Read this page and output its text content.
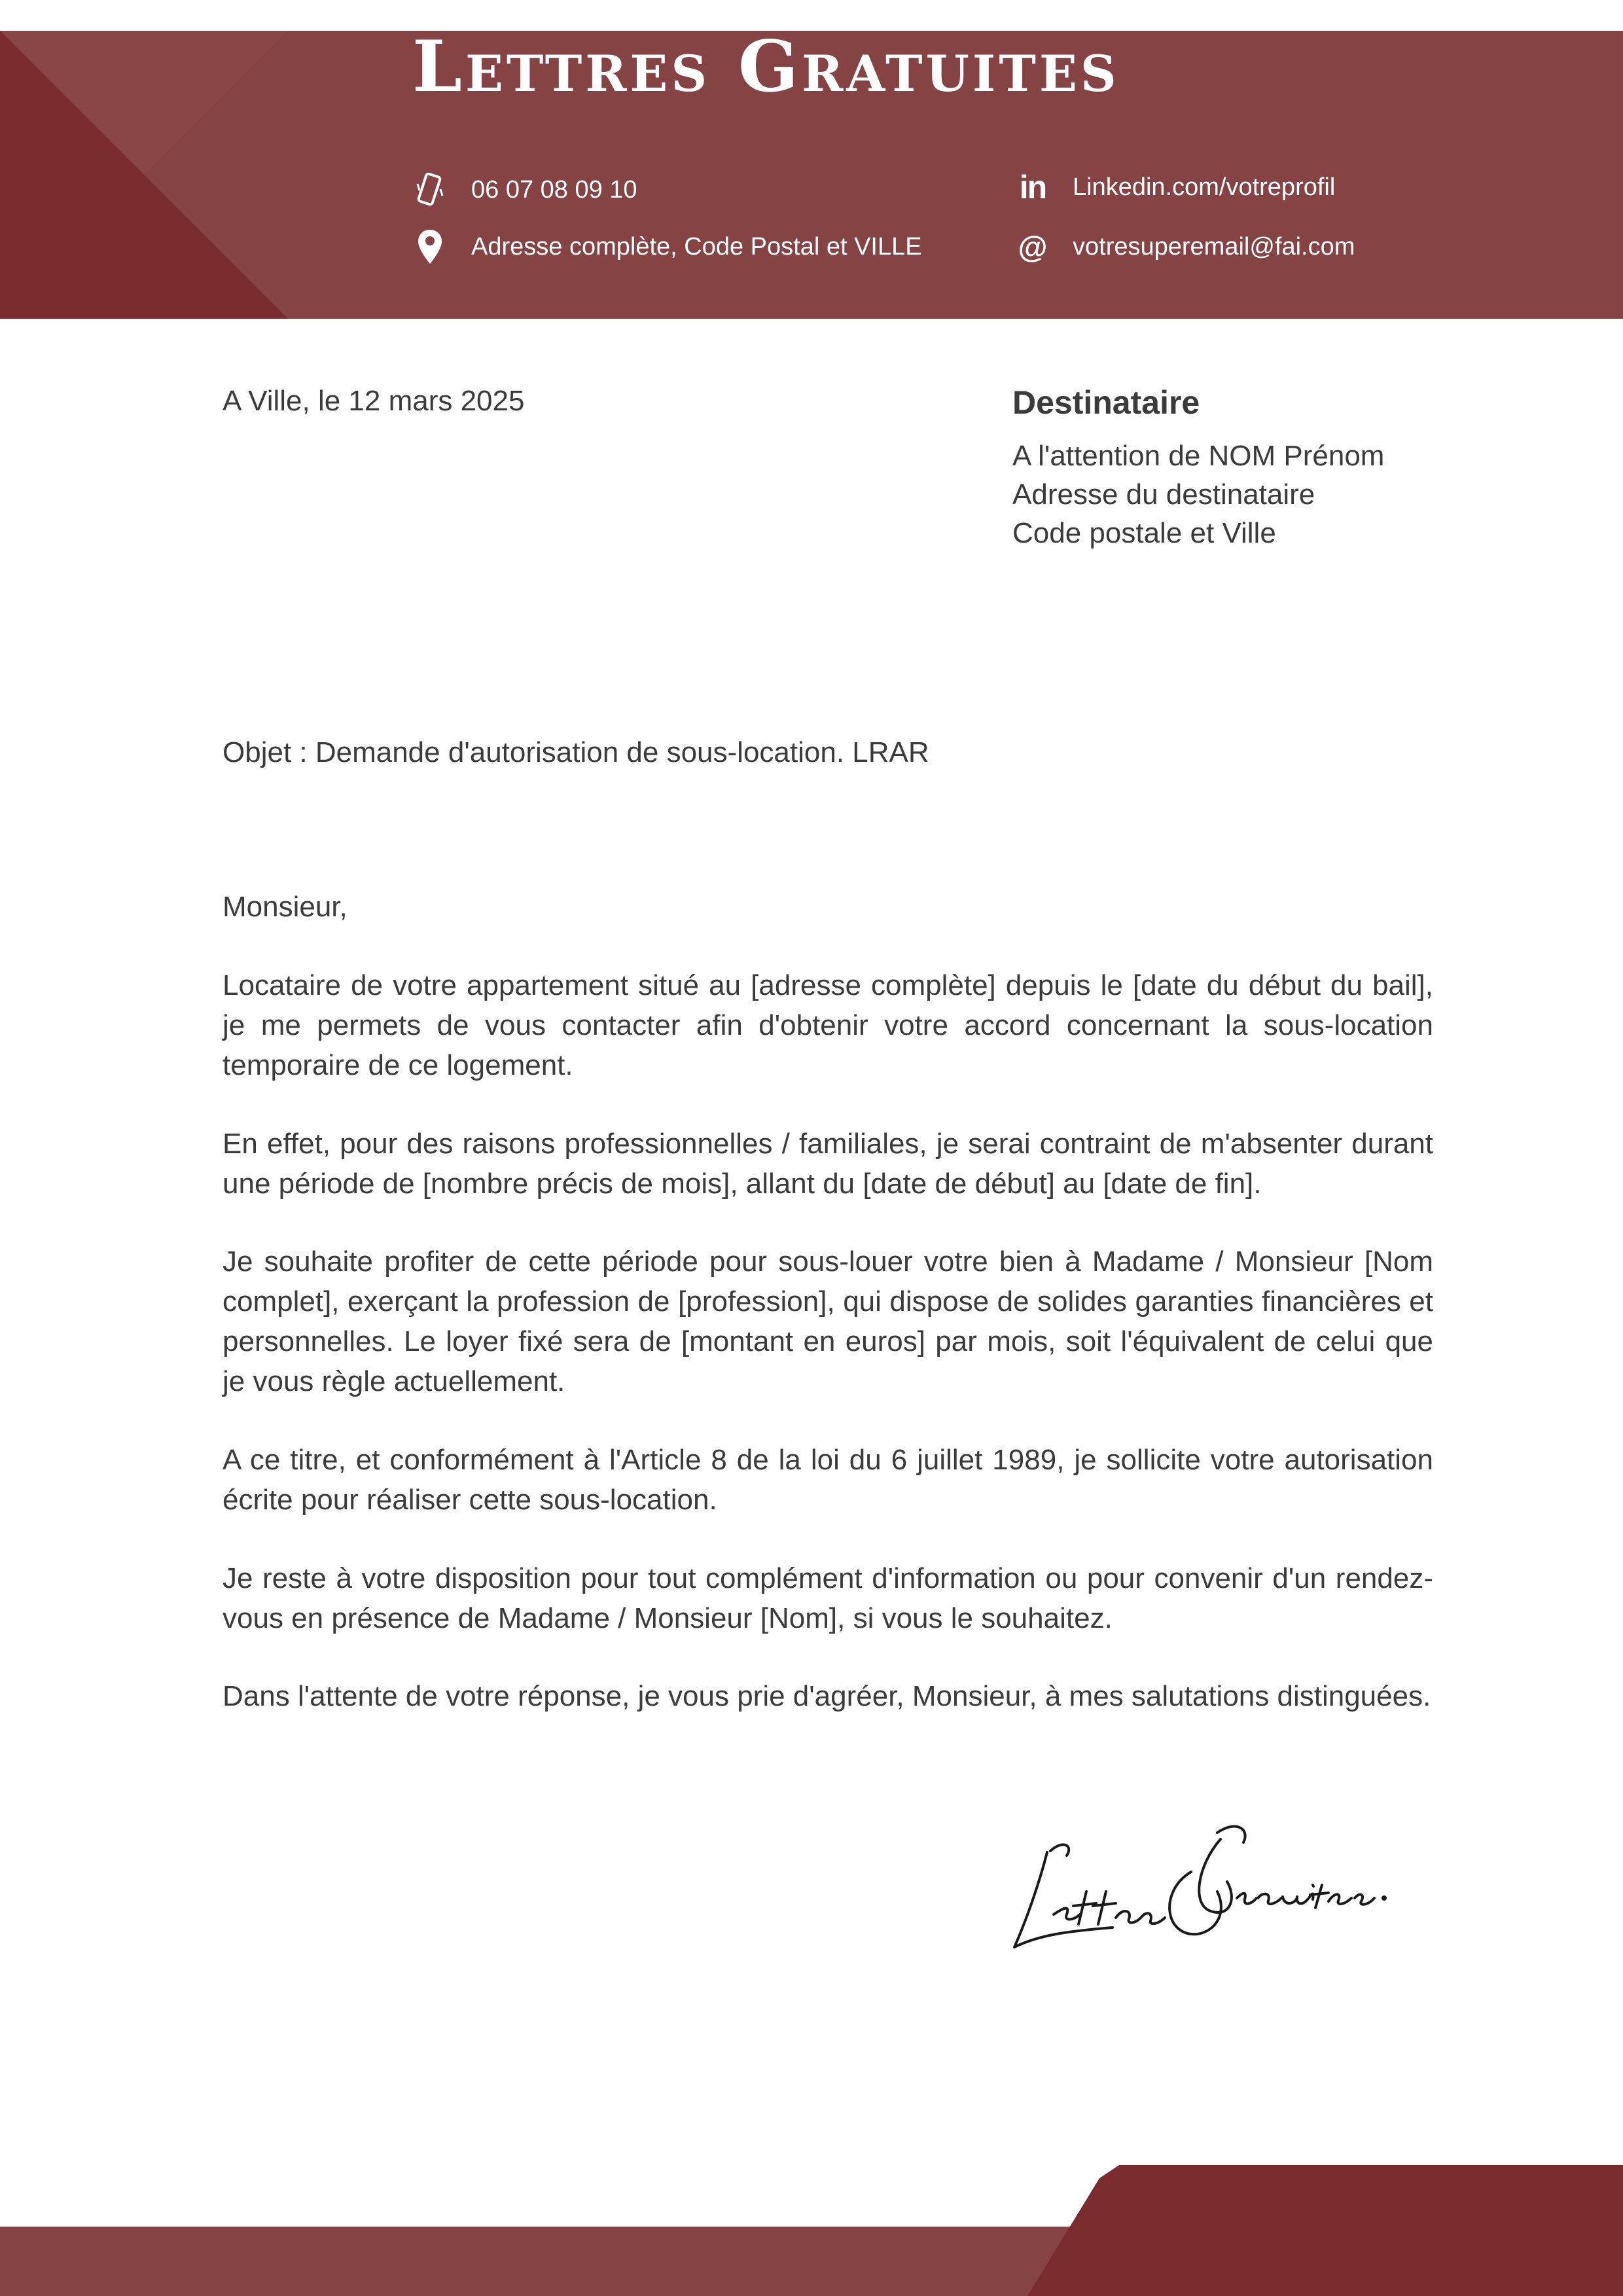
Lettres Gratuites
06 07 08 09 10
Adresse complète, Code Postal et VILLE
in Linkedin.com/votreprofil
@ votresuperemail@fai.com
A Ville, le 12 mars 2025	Destinataire
A l'attention de NOM Prénom
Adresse du destinataire
Code postale et Ville
Objet : Demande d'autorisation de sous-location. LRAR
Monsieur,
Locataire de votre appartement situé au [adresse complète] depuis le [date du début du bail], je me permets de vous contacter afin d'obtenir votre accord concernant la sous-location temporaire de ce logement.
En effet, pour des raisons professionnelles / familiales, je serai contraint de m'absenter durant une période de [nombre précis de mois], allant du [date de début] au [date de fin].
Je souhaite profiter de cette période pour sous-louer votre bien à Madame / Monsieur [Nom complet], exerçant la profession de [profession], qui dispose de solides garanties financières et personnelles. Le loyer fixé sera de [montant en euros] par mois, soit l'équivalent de celui que je vous règle actuellement.
A ce titre, et conformément à l'Article 8 de la loi du 6 juillet 1989, je sollicite votre autorisation écrite pour réaliser cette sous-location.
Je reste à votre disposition pour tout complément d'information ou pour convenir d'un rendez-vous en présence de Madame / Monsieur [Nom], si vous le souhaitez.
Dans l'attente de votre réponse, je vous prie d'agréer, Monsieur, à mes salutations distinguées.
